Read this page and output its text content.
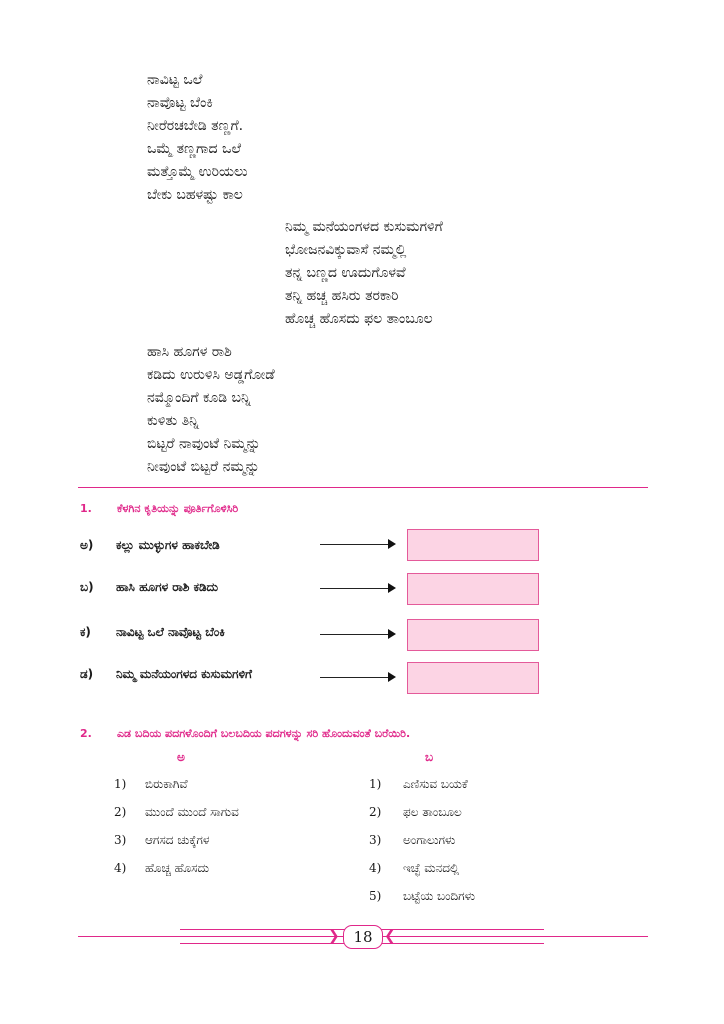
ನಾವಿಟ್ಟ ಒಲೆ
ನಾವೊಟ್ಟ ಬೆಂಕಿ
ನೀರೆರಚಬೇಡಿ ತಣ್ಣಗೆ.
ಒಮ್ಮೆ ತಣ್ಣಗಾದ ಒಲೆ
ಮತ್ತೊಮ್ಮೆ ಉರಿಯಲು
ಬೇಕು ಬಹಳಷ್ಟು ಕಾಲ
ನಿಮ್ಮ ಮನೆಯಂಗಳದ ಕುಸುಮಗಳಿಗೆ
ಭೋಜನವಿಕ್ಕುವಾಸೆ ನಮ್ಮಲ್ಲಿ
ತನ್ನ ಬಣ್ಣದ ಊದುಗೊಳವೆ
ತನ್ನಿ ಹಚ್ಚ ಹಸಿರು ತರಕಾರಿ
ಹೊಚ್ಚ ಹೊಸದು ಫಲ ತಾಂಬೂಲ
ಹಾಸಿ ಹೂಗಳ ರಾಶಿ
ಕಡಿದು ಉರುಳಿಸಿ ಅಡ್ಡಗೋಡೆ
ನಮ್ಮೊಂದಿಗೆ ಕೂಡಿ ಬನ್ನಿ
ಕುಳಿತು ತಿನ್ನಿ
ಬಿಟ್ಟರೆ ನಾವುಂಟೆ ನಿಮ್ಮನ್ನು
ನೀವುಂಟೆ ಬಿಟ್ಟರೆ ನಮ್ಮನ್ನು
1. ಕೆಳಗಿನ ಕೃತಿಯನ್ನು ಪೂರ್ತಿಗೊಳಿಸಿರಿ
ಅ) ಕಲ್ಲು ಮುಳ್ಳುಗಳ ಹಾಕಬೇಡಿ
ಬ) ಹಾಸಿ ಹೂಗಳ ರಾಶಿ ಕಡಿದು
ಕ) ನಾವಿಟ್ಟ ಒಲೆ ನಾವೊಟ್ಟ ಬೆಂಕಿ
ಡ) ನಿಮ್ಮ ಮನೆಯಂಗಳದ ಕುಸುಮಗಳಿಗೆ
2. ಎಡ ಬದಿಯ ಪದಗಳೊಂದಿಗೆ ಬಲಬದಿಯ ಪದಗಳನ್ನು ಸರಿ ಹೊಂದುವಂತೆ ಬರೆಯಿರಿ.
ಅ	ಬ
1) ಬಿರುಕಾಗಿವೆ
2) ಮುಂದೆ ಮುಂದೆ ಸಾಗುವ
3) ಆಗಸದ ಚುಕ್ಕೆಗಳ
4) ಹೊಚ್ಚ ಹೊಸದು
1) ಎಣಿಸುವ ಬಯಕೆ
2) ಫಲ ತಾಂಬೂಲ
3) ಅಂಗಾಲುಗಳು
4) ಇಚ್ಛೆ ಮನದಲ್ಲಿ
5) ಬಟ್ಟೆಯ ಬಂದಿಗಳು
❯	❮
18
